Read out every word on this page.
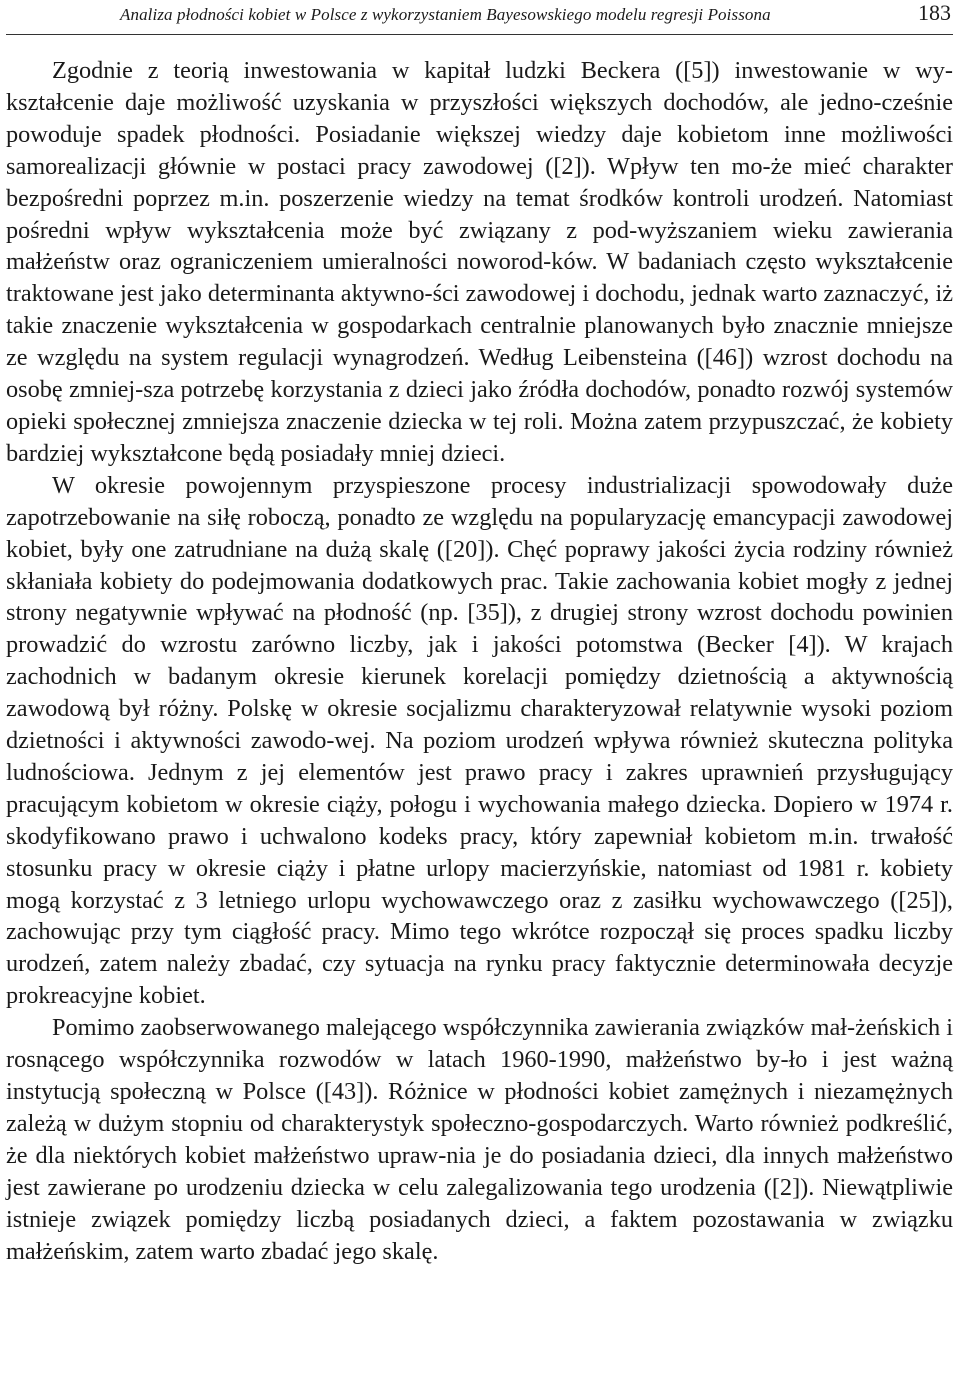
Analiza płodności kobiet w Polsce z wykorzystaniem Bayesowskiego modelu regresji Poissona	183

Zgodnie z teorią inwestowania w kapitał ludzki Beckera ([5]) inwestowanie w wy-kształcenie daje możliwość uzyskania w przyszłości większych dochodów, ale jedno-cześnie powoduje spadek płodności. Posiadanie większej wiedzy daje kobietom inne możliwości samorealizacji głównie w postaci pracy zawodowej ([2]). Wpływ ten mo-że mieć charakter bezpośredni poprzez m.in. poszerzenie wiedzy na temat środków kontroli urodzeń. Natomiast pośredni wpływ wykształcenia może być związany z pod-wyższaniem wieku zawierania małżeństw oraz ograniczeniem umieralności noworod-ków. W badaniach często wykształcenie traktowane jest jako determinanta aktywno-ści zawodowej i dochodu, jednak warto zaznaczyć, iż takie znaczenie wykształcenia w gospodarkach centralnie planowanych było znacznie mniejsze ze względu na system regulacji wynagrodzeń. Według Leibensteina ([46]) wzrost dochodu na osobę zmniej-sza potrzebę korzystania z dzieci jako źródła dochodów, ponadto rozwój systemów opieki społecznej zmniejsza znaczenie dziecka w tej roli. Można zatem przypuszczać, że kobiety bardziej wykształcone będą posiadały mniej dzieci.

W okresie powojennym przyspieszone procesy industrializacji spowodowały duże zapotrzebowanie na siłę roboczą, ponadto ze względu na popularyzację emancypacji zawodowej kobiet, były one zatrudniane na dużą skalę ([20]). Chęć poprawy jakości życia rodziny również skłaniała kobiety do podejmowania dodatkowych prac. Takie zachowania kobiet mogły z jednej strony negatywnie wpływać na płodność (np. [35]), z drugiej strony wzrost dochodu powinien prowadzić do wzrostu zarówno liczby, jak i jakości potomstwa (Becker [4]). W krajach zachodnich w badanym okresie kierunek korelacji pomiędzy dzietnością a aktywnością zawodową był różny. Polskę w okresie socjalizmu charakteryzował relatywnie wysoki poziom dzietności i aktywności zawodo-wej. Na poziom urodzeń wpływa również skuteczna polityka ludnościowa. Jednym z jej elementów jest prawo pracy i zakres uprawnień przysługujący pracującym kobietom w okresie ciąży, połogu i wychowania małego dziecka. Dopiero w 1974 r. skodyfikowano prawo i uchwalono kodeks pracy, który zapewniał kobietom m.in. trwałość stosunku pracy w okresie ciąży i płatne urlopy macierzyńskie, natomiast od 1981 r. kobiety mogą korzystać z 3 letniego urlopu wychowawczego oraz z zasiłku wychowawczego ([25]), zachowując przy tym ciągłość pracy. Mimo tego wkrótce rozpoczął się proces spadku liczby urodzeń, zatem należy zbadać, czy sytuacja na rynku pracy faktycznie determinowała decyzje prokreacyjne kobiet.

Pomimo zaobserwowanego malejącego współczynnika zawierania związków mał-żeńskich i rosnącego współczynnika rozwodów w latach 1960-1990, małżeństwo by-ło i jest ważną instytucją społeczną w Polsce ([43]). Różnice w płodności kobiet zamężnych i niezamężnych zależą w dużym stopniu od charakterystyk społeczno-gospodarczych. Warto również podkreślić, że dla niektórych kobiet małżeństwo upraw-nia je do posiadania dzieci, dla innych małżeństwo jest zawierane po urodzeniu dziecka w celu zalegalizowania tego urodzenia ([2]). Niewątpliwie istnieje związek pomiędzy liczbą posiadanych dzieci, a faktem pozostawania w związku małżeńskim, zatem warto zbadać jego skalę.
